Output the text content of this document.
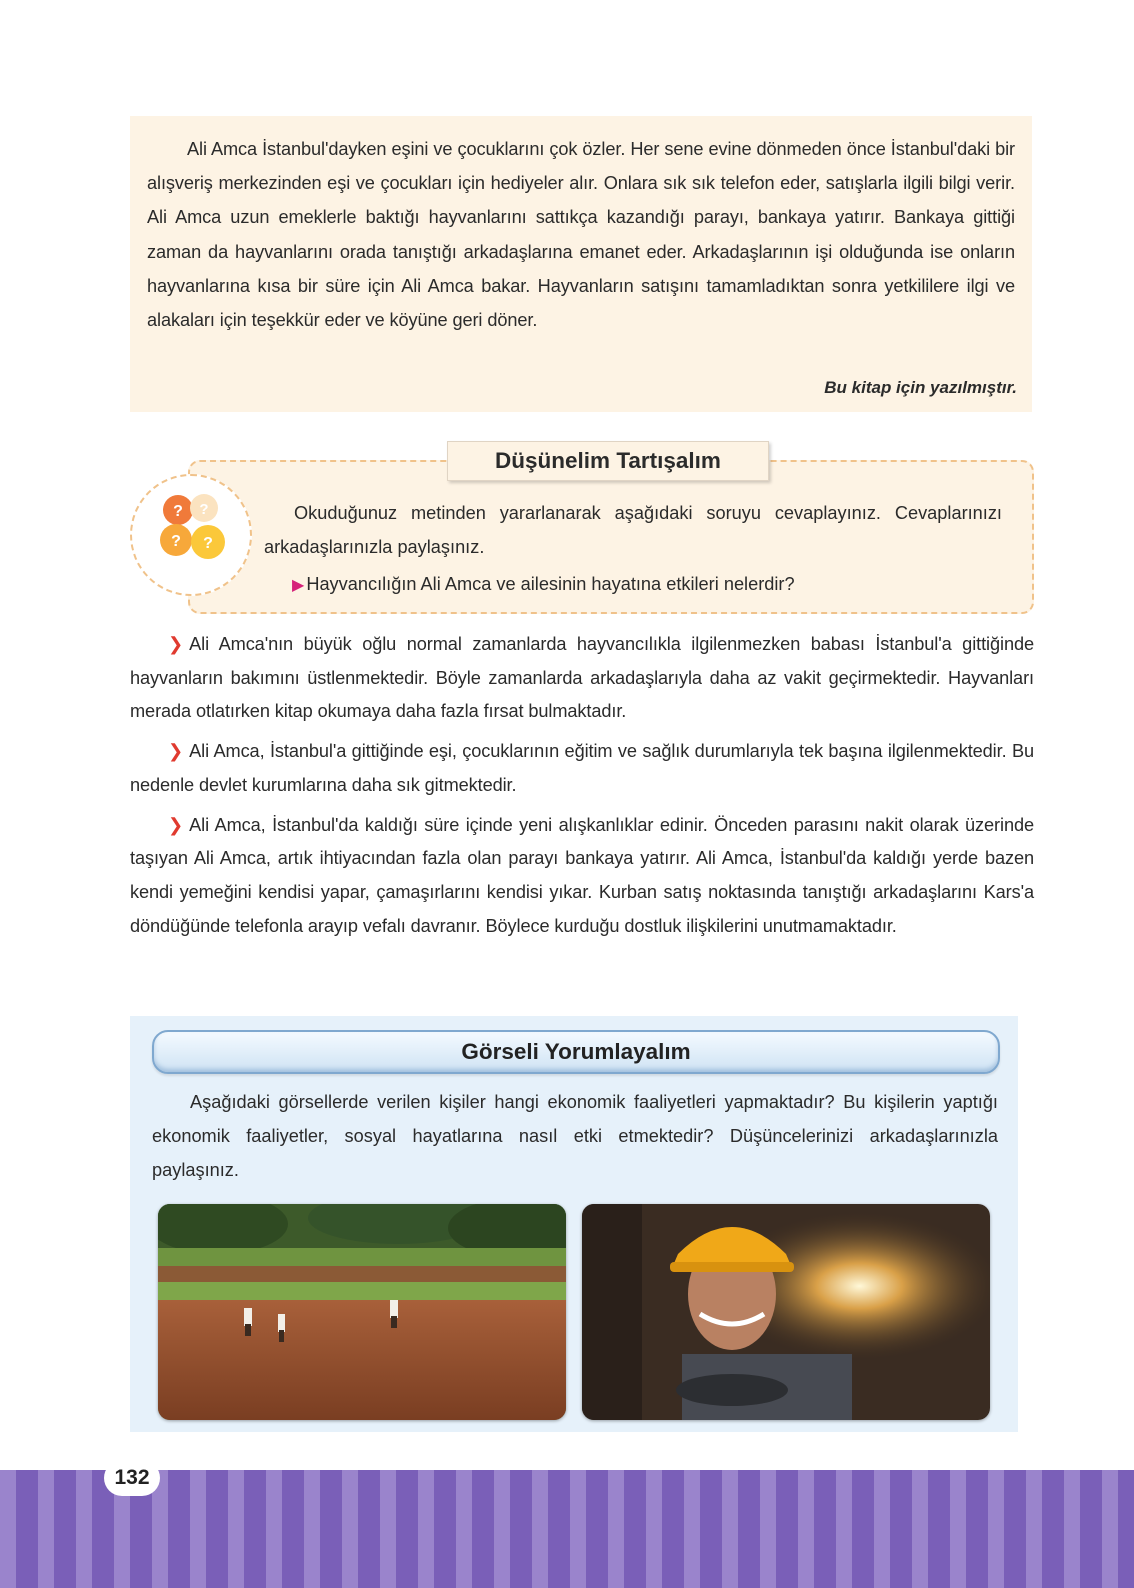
Ali Amca İstanbul'dayken eşini ve çocuklarını çok özler. Her sene evine dönmeden önce İstanbul'daki bir alışveriş merkezinden eşi ve çocukları için hediyeler alır. Onlara sık sık telefon eder, satışlarla ilgili bilgi verir. Ali Amca uzun emeklerle baktığı hayvanlarını sattıkça kazandığı parayı, bankaya yatırır. Bankaya gittiği zaman da hayvanlarını orada tanıştığı arkadaşlarına emanet eder. Arkadaşlarının işi olduğunda ise onların hayvanlarına kısa bir süre için Ali Amca bakar. Hayvanların satışını tamamladıktan sonra yetkililere ilgi ve alakaları için teşekkür eder ve köyüne geri döner.

Bu kitap için yazılmıştır.
? ?
? ?
Düşünelim Tartışalım

Okuduğunuz metinden yararlanarak aşağıdaki soruyu cevaplayınız. Cevaplarınızı arkadaşlarınızla paylaşınız.

▶ Hayvancılığın Ali Amca ve ailesinin hayatına etkileri nelerdir?

❯ Ali Amca'nın büyük oğlu normal zamanlarda hayvancılıkla ilgilenmezken babası İstanbul'a gittiğinde hayvanların bakımını üstlenmektedir. Böyle zamanlarda arkadaşlarıyla daha az vakit geçirmektedir. Hayvanları merada otlatırken kitap okumaya daha fazla fırsat bulmaktadır.

❯ Ali Amca, İstanbul'a gittiğinde eşi, çocuklarının eğitim ve sağlık durumlarıyla tek başına ilgilenmektedir. Bu nedenle devlet kurumlarına daha sık gitmektedir.

❯ Ali Amca, İstanbul'da kaldığı süre içinde yeni alışkanlıklar edinir. Önceden parasını nakit olarak üzerinde taşıyan Ali Amca, artık ihtiyacından fazla olan parayı bankaya yatırır. Ali Amca, İstanbul'da kaldığı yerde bazen kendi yemeğini kendisi yapar, çamaşırlarını kendisi yıkar. Kurban satış noktasında tanıştığı arkadaşlarını Kars'a döndüğünde telefonla arayıp vefalı davranır. Böylece kurduğu dostluk ilişkilerini unutmamaktadır.

Görseli Yorumlayalım

Aşağıdaki görsellerde verilen kişiler hangi ekonomik faaliyetleri yapmaktadır? Bu kişilerin yaptığı ekonomik faaliyetler, sosyal hayatlarına nasıl etki etmektedir? Düşüncelerinizi arkadaşlarınızla paylaşınız.

132
